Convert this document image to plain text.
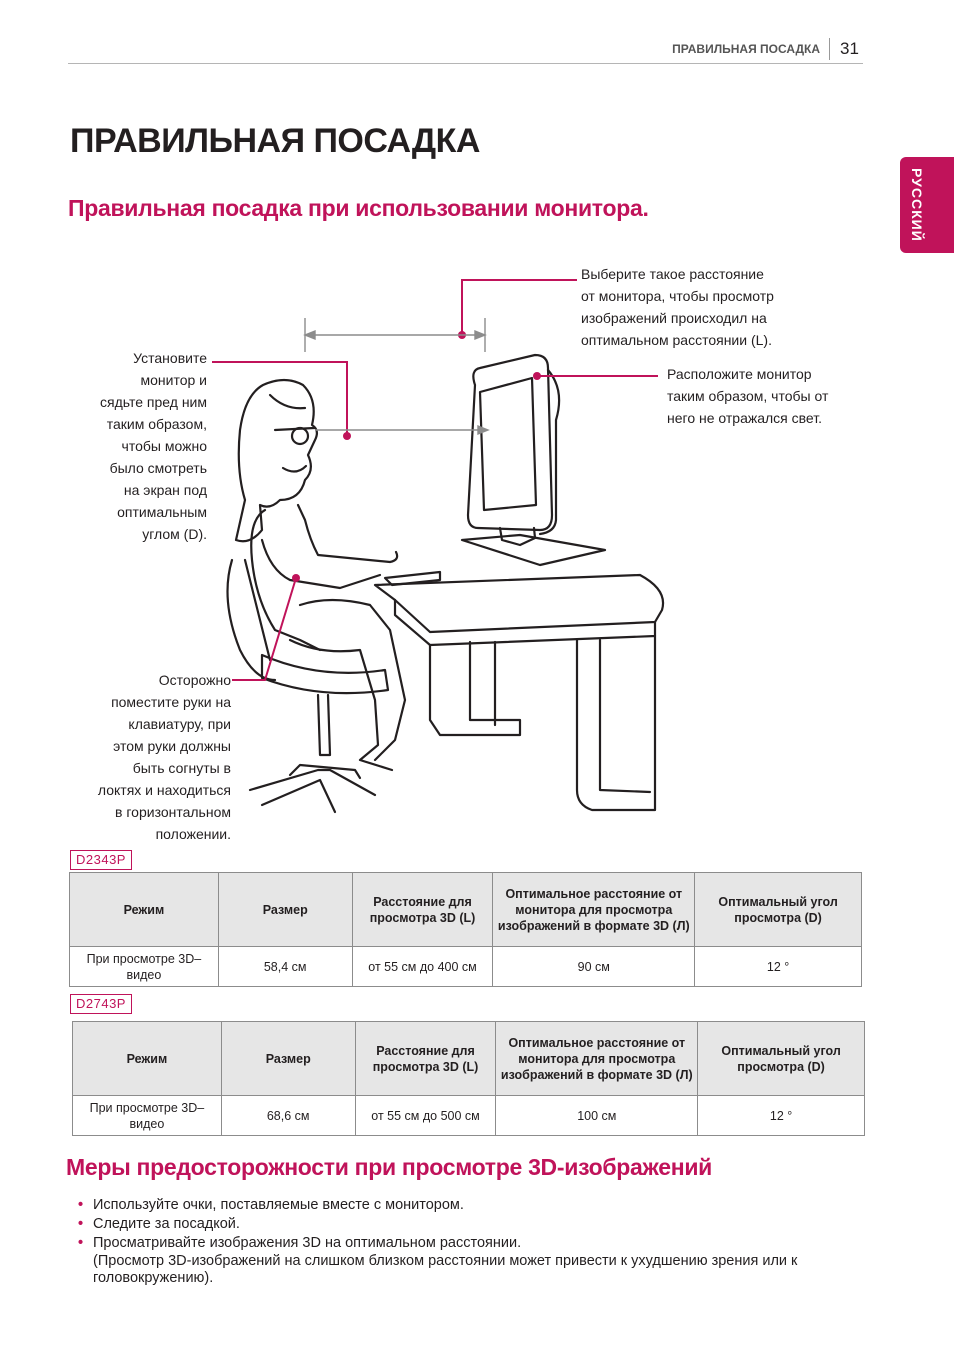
ПРАВИЛЬНАЯ ПОСАДКА 31
РУССКИЙ
ПРАВИЛЬНАЯ ПОСАДКА
Правильная посадка при использовании монитора.
Выберите такое расстояние
от монитора, чтобы просмотр
изображений происходил на
оптимальном расстоянии (L).
Расположите монитор
таким образом, чтобы от
него не отражался свет.
Установите
монитор и
сядьте пред ним
таким образом,
чтобы можно
было смотреть
на экран под
оптимальным
углом (D).
Осторожно
поместите руки на
клавиатуру, при
этом руки должны
быть согнуты в
локтях и находиться
в горизонтальном
положении.
D2343P
Режим	Размер	Расстояние для просмотра 3D (L)	Оптимальное расстояние от монитора для просмотра изображений в формате 3D (Л)	Оптимальный угол просмотра (D)
При просмотре 3D–видео	58,4 см	от 55 см до 400 см	90 см	12 °
D2743P
Режим	Размер	Расстояние для просмотра 3D (L)	Оптимальное расстояние от монитора для просмотра изображений в формате 3D (Л)	Оптимальный угол просмотра (D)
При просмотре 3D–видео	68,6 см	от 55 см до 500 см	100 см	12 °
Меры предосторожности при просмотре 3D-изображений
• Используйте очки, поставляемые вместе с монитором.
• Следите за посадкой.
• Просматривайте изображения 3D на оптимальном расстоянии.
(Просмотр 3D-изображений на слишком близком расстоянии может привести к ухудшению зрения или к головокружению).
